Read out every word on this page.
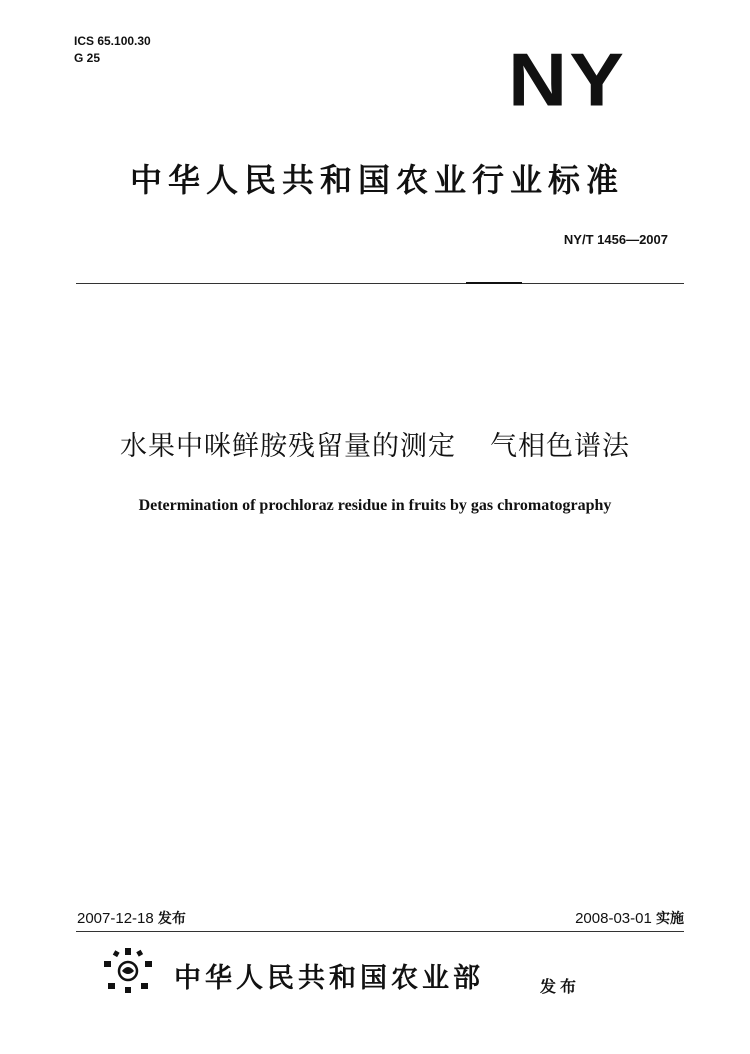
ICS 65.100.30
G 25	NY
中华人民共和国农业行业标准
NY/T 1456—2007
水果中咪鲜胺残留量的测定 气相色谱法
Determination of prochloraz residue in fruits by gas chromatography
2007-12-18 发布	2008-03-01 实施
中华人民共和国农业部	发布
